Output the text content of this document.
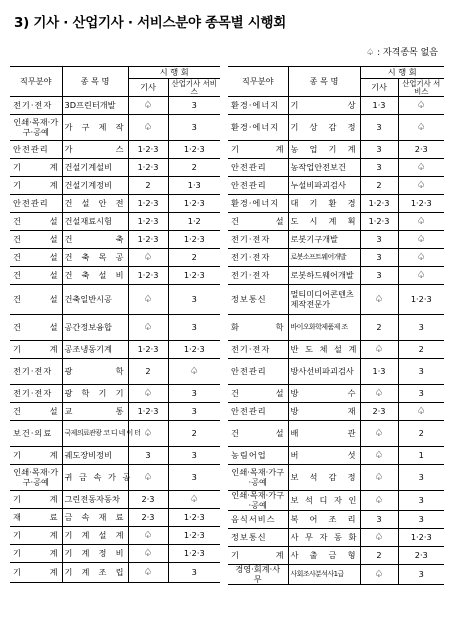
3) 기사 · 산업기사 · 서비스분야 종목별 시행회
♤ : 자격종목 없음
직무분야	종 목 명	시 행 회	
		기사	산업기사 서비스
전기·전자	3D프린터개발	♤	3
인쇄·목재·가구·공예	가 구 제 작	♤	3
안전관리	가 스	1·2·3	1·2·3
기 계	건설기계설비	1·2·3	2
기 계	건설기계정비	2	1·3
안전관리	건 설 안 전	1·2·3	1·2·3
건 설	건설재료시험	1·2·3	1·2
건 설	건 축	1·2·3	1·2·3
건 설	건 축 목 공	♤	2
건 설	건 축 설 비	1·2·3	1·2·3
건 설	건축일반시공	♤	3
건 설	공간정보융합	♤	3
기 계	공조냉동기계	1·2·3	1·2·3
전기·전자	광 학	2	♤
전기·전자	광 학 기 기	♤	3
건 설	교 통	1·2·3	3
보건·의료	국제의료관광 코 디 네 이 터	♤	2
기 계	궤도장비정비	3	3
인쇄·목재·가구·공예	귀 금 속 가 공	♤	3
기 계	그린전동자동차	2·3	♤
재 료	금 속 재 료	2·3	1·2·3
기 계	기 계 설 계	♤	1·2·3
기 계	기 계 정 비	♤	1·2·3
기 계	기 계 조 립	♤	3
직무분야	종 목 명	시 행 회	
		기사	산업기사 서비스
환경·에너지	기 상	1·3	♤
환경·에너지	기 상 감 정	3	♤
기 계	농 업 기 계	3	2·3
안전관리	농작업안전보건	3	♤
안전관리	누설비파괴검사	2	♤
환경·에너지	대 기 환 경	1·2·3	1·2·3
건 설	도 시 계 획	1·2·3	♤
전기·전자	로봇기구개발	3	♤
전기·전자	로봇소프트웨어개발	3	♤
전기·전자	로봇하드웨어개발	3	♤
정보통신	멀티미디어콘텐츠제작전문가	♤	1·2·3
화 학	바이오화학제품제 조	2	3
전기·전자	반 도 체 설 계	♤	2
안전관리	방사선비파괴검사	1·3	3
건 설	방 수	♤	3
안전관리	방 재	2·3	♤
건 설	배 관	♤	2
농림어업	버 섯	♤	1
인쇄·목재·가구·공예	보 석 감 정	♤	3
인쇄·목재·가구·공예	보 석 디 자 인	♤	3
음식서비스	복 어 조 리	3	3
정보통신	사 무 자 동 화	♤	1·2·3
기 계	사 출 금 형	2	2·3
경영·회계·사 무	사회조사분석사1급	♤	3
